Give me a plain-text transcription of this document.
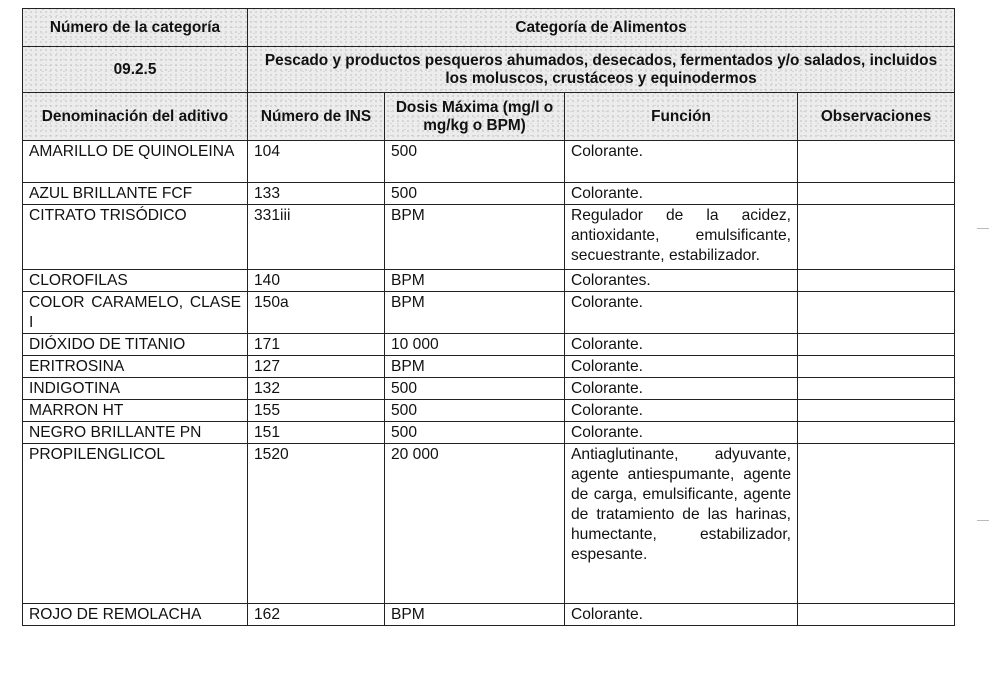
Número de la categoría	Categoría de Alimentos			
09.2.5	Pescado y productos pesqueros ahumados, desecados, fermentados y/o salados, incluidos los moluscos, crustáceos y equinodermos			
Denominación del aditivo	Número de INS	Dosis Máxima (mg/l o mg/kg o BPM)	Función	Observaciones
AMARILLO DE QUINOLEINA	104	500	Colorante.	
AZUL BRILLANTE FCF	133	500	Colorante.	
CITRATO TRISÓDICO	331iii	BPM	Regulador de la acidez, antioxidante, emulsificante, secuestrante, estabilizador.	
CLOROFILAS	140	BPM	Colorantes.	
COLOR CARAMELO, CLASE I	150a	BPM	Colorante.	
DIÓXIDO DE TITANIO	171	10 000	Colorante.	
ERITROSINA	127	BPM	Colorante.	
INDIGOTINA	132	500	Colorante.	
MARRON HT	155	500	Colorante.	
NEGRO BRILLANTE PN	151	500	Colorante.	
PROPILENGLICOL	1520	20 000	Antiaglutinante, adyuvante, agente antiespumante, agente de carga, emulsificante, agente de tratamiento de las harinas, humectante, estabilizador, espesante.	
ROJO DE REMOLACHA	162	BPM	Colorante.	
